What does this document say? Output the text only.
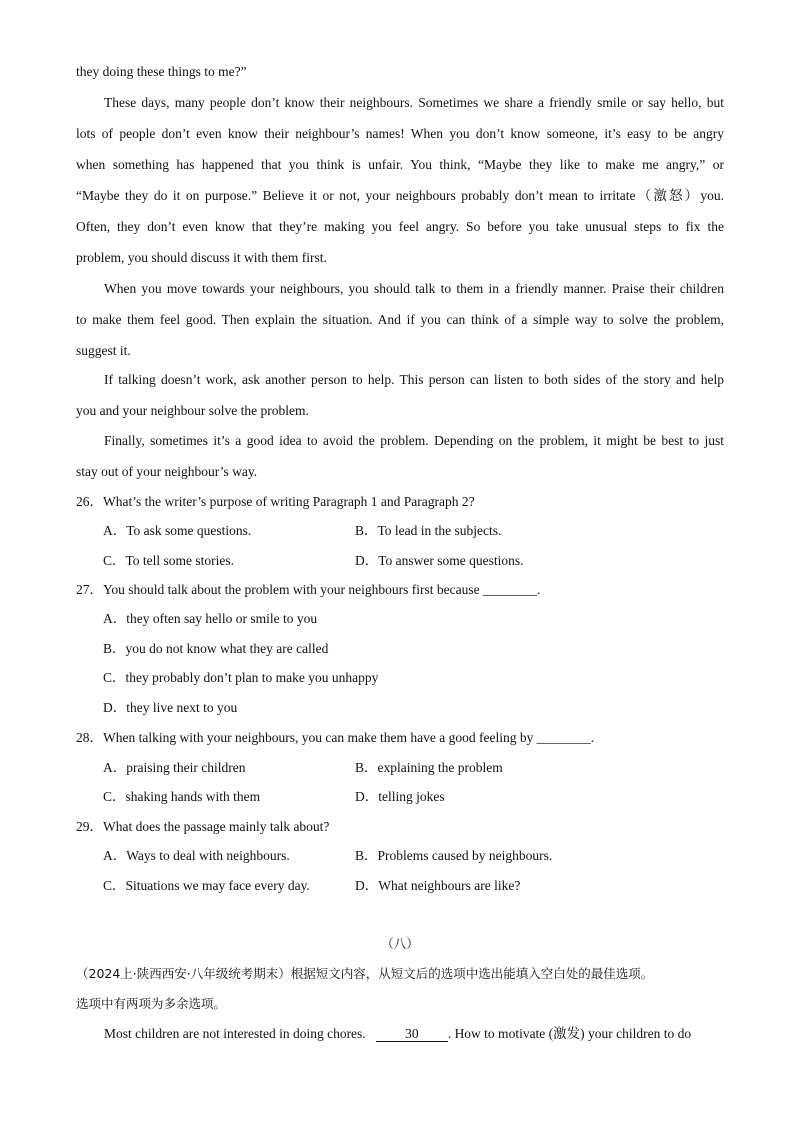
they doing these things to me?”
These days, many people don’t know their neighbours. Sometimes we share a friendly smile or say hello, but
lots of people don’t even know their neighbour’s names! When you don’t know someone, it’s easy to be angry
when something has happened that you think is unfair. You think, “Maybe they like to make me angry,” or
“Maybe they do it on purpose.” Believe it or not, your neighbours probably don’t mean to irritate（激怒）you.
Often, they don’t even know that they’re making you feel angry. So before you take unusual steps to fix the
problem, you should discuss it with them first.
When you move towards your neighbours, you should talk to them in a friendly manner. Praise their children
to make them feel good. Then explain the situation. And if you can think of a simple way to solve the problem,
suggest it.
If talking doesn’t work, ask another person to help. This person can listen to both sides of the story and help
you and your neighbour solve the problem.
Finally, sometimes it’s a good idea to avoid the problem. Depending on the problem, it might be best to just
stay out of your neighbour’s way.
26．What’s the writer’s purpose of writing Paragraph 1 and Paragraph 2?
A．To ask some questions.	B．To lead in the subjects.
C．To tell some stories.	D．To answer some questions.
27．You should talk about the problem with your neighbours first because ________.
A．they often say hello or smile to you
B．you do not know what they are called
C．they probably don’t plan to make you unhappy
D．they live next to you
28．When talking with your neighbours, you can make them have a good feeling by ________.
A．praising their children	B．explaining the problem
C．shaking hands with them	D．telling jokes
29．What does the passage mainly talk about?
A．Ways to deal with neighbours.	B．Problems caused by neighbours.
C．Situations we may face every day.	D．What neighbours are like?
（八）
（2024上·陕西西安·八年级统考期末）根据短文内容，从短文后的选项中选出能填入空白处的最佳选项。
选项中有两项为多余选项。
Most children are not interested in doing chores.	30 . How to motivate (激发) your children to do
